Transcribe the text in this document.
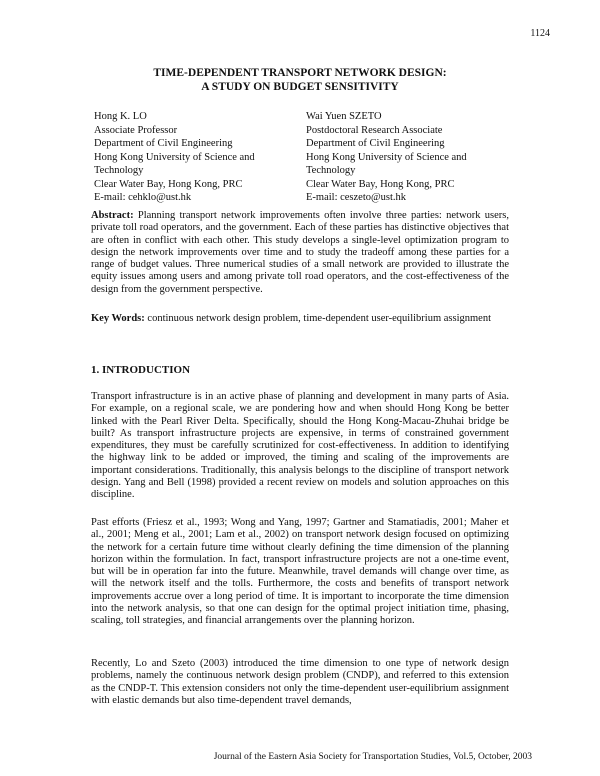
1124
TIME-DEPENDENT TRANSPORT NETWORK DESIGN:
A STUDY ON BUDGET SENSITIVITY
Hong K. LO
Associate Professor
Department of Civil Engineering
Hong Kong University of Science and
Technology
Clear Water Bay, Hong Kong, PRC
E-mail: cehklo@ust.hk
Wai Yuen SZETO
Postdoctoral Research Associate
Department of Civil Engineering
Hong Kong University of Science and
Technology
Clear Water Bay, Hong Kong, PRC
E-mail: ceszeto@ust.hk
Abstract: Planning transport network improvements often involve three parties: network users, private toll road operators, and the government. Each of these parties has distinctive objectives that are often in conflict with each other. This study develops a single-level optimization program to design the network improvements over time and to study the tradeoff among these parties for a range of budget values. Three numerical studies of a small network are provided to illustrate the equity issues among users and among private toll road operators, and the cost-effectiveness of the design from the government perspective.
Key Words: continuous network design problem, time-dependent user-equilibrium assignment
1. INTRODUCTION
Transport infrastructure is in an active phase of planning and development in many parts of Asia. For example, on a regional scale, we are pondering how and when should Hong Kong be better linked with the Pearl River Delta. Specifically, should the Hong Kong-Macau-Zhuhai bridge be built? As transport infrastructure projects are expensive, in terms of constrained government expenditures, they must be carefully scrutinized for cost-effectiveness. In addition to identifying the highway link to be added or improved, the timing and scaling of the improvements are important considerations. Traditionally, this analysis belongs to the discipline of transport network design. Yang and Bell (1998) provided a recent review on models and solution approaches on this discipline.
Past efforts (Friesz et al., 1993; Wong and Yang, 1997; Gartner and Stamatiadis, 2001; Maher et al., 2001; Meng et al., 2001; Lam et al., 2002) on transport network design focused on optimizing the network for a certain future time without clearly defining the time dimension of the planning horizon within the formulation. In fact, transport infrastructure projects are not a one-time event, but will be in operation far into the future. Meanwhile, travel demands will change over time, as will the network itself and the tolls. Furthermore, the costs and benefits of transport network improvements accrue over a long period of time. It is important to incorporate the time dimension into the network analysis, so that one can design for the optimal project initiation time, phasing, scaling, toll strategies, and financial arrangements over the planning horizon.
Recently, Lo and Szeto (2003) introduced the time dimension to one type of network design problems, namely the continuous network design problem (CNDP), and referred to this extension as the CNDP-T. This extension considers not only the time-dependent user-equilibrium assignment with elastic demands but also time-dependent travel demands,
Journal of the Eastern Asia Society for Transportation Studies, Vol.5, October, 2003
